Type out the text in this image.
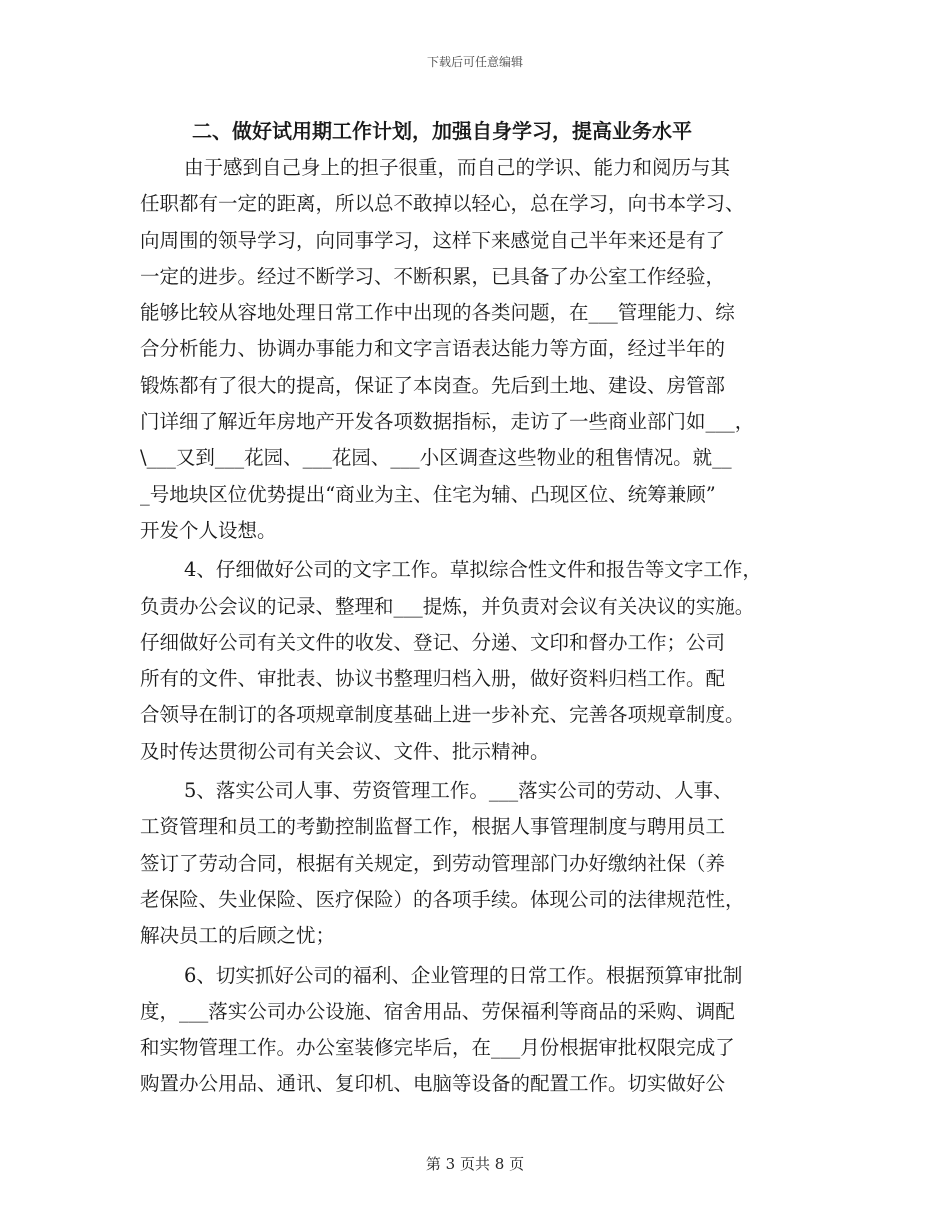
下载后可任意编辑
二、做好试用期工作计划，加强自身学习，提高业务水平
由于感到自己身上的担子很重，而自己的学识、能力和阅历与其
任职都有一定的距离，所以总不敢掉以轻心，总在学习，向书本学习、
向周围的领导学习，向同事学习，这样下来感觉自己半年来还是有了
一定的进步。经过不断学习、不断积累，已具备了办公室工作经验，
能够比较从容地处理日常工作中出现的各类问题，在___管理能力、综
合分析能力、协调办事能力和文字言语表达能力等方面，经过半年的
锻炼都有了很大的提高，保证了本岗查。先后到土地、建设、房管部
门详细了解近年房地产开发各项数据指标，走访了一些商业部门如___，
\___又到___花园、___花园、___小区调查这些物业的租售情况。就__
_号地块区位优势提出“商业为主、住宅为辅、凸现区位、统筹兼顾”
开发个人设想。
4、仔细做好公司的文字工作。草拟综合性文件和报告等文字工作，
负责办公会议的记录、整理和___提炼，并负责对会议有关决议的实施。
仔细做好公司有关文件的收发、登记、分递、文印和督办工作；公司
所有的文件、审批表、协议书整理归档入册，做好资料归档工作。配
合领导在制订的各项规章制度基础上进一步补充、完善各项规章制度。
及时传达贯彻公司有关会议、文件、批示精神。
5、落实公司人事、劳资管理工作。___落实公司的劳动、人事、
工资管理和员工的考勤控制监督工作，根据人事管理制度与聘用员工
签订了劳动合同，根据有关规定，到劳动管理部门办好缴纳社保（养
老保险、失业保险、医疗保险）的各项手续。体现公司的法律规范性，
解决员工的后顾之忧；
6、切实抓好公司的福利、企业管理的日常工作。根据预算审批制
度，___落实公司办公设施、宿舍用品、劳保福利等商品的采购、调配
和实物管理工作。办公室装修完毕后，在___月份根据审批权限完成了
购置办公用品、通讯、复印机、电脑等设备的配置工作。切实做好公
第 3 页共 8 页
